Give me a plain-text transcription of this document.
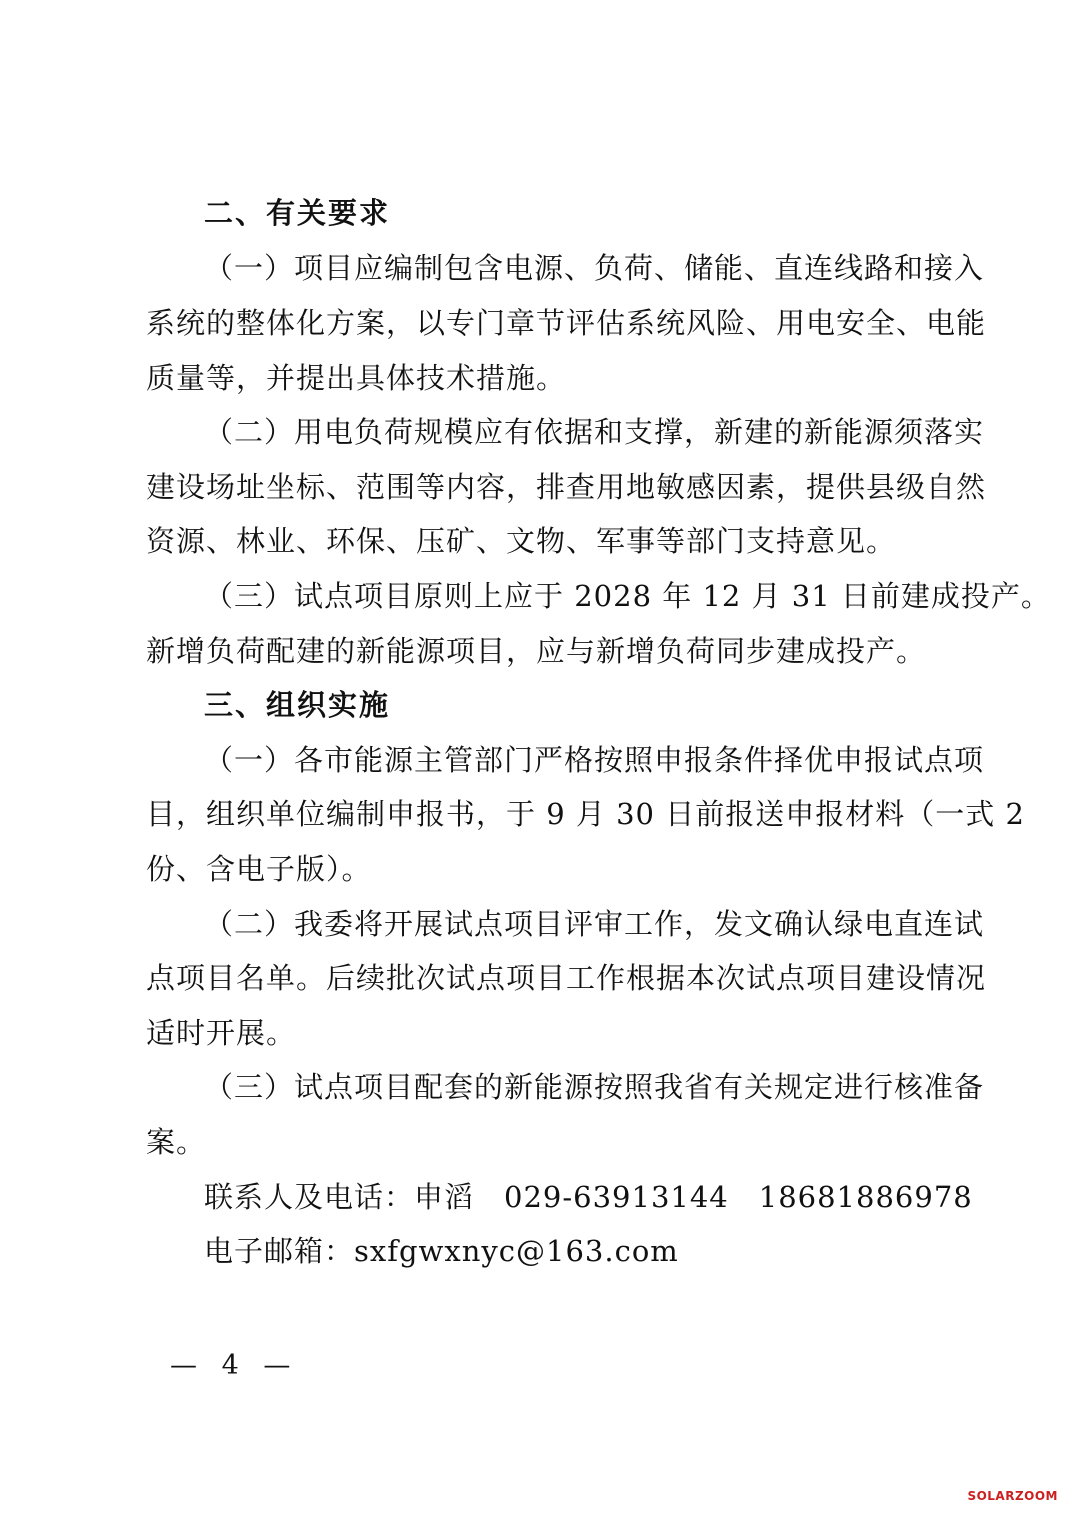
二、有关要求
（一）项目应编制包含电源、负荷、储能、直连线路和接入
系统的整体化方案，以专门章节评估系统风险、用电安全、电能
质量等，并提出具体技术措施。
（二）用电负荷规模应有依据和支撑，新建的新能源须落实
建设场址坐标、范围等内容，排查用地敏感因素，提供县级自然
资源、林业、环保、压矿、文物、军事等部门支持意见。
（三）试点项目原则上应于 2028 年 12 月 31 日前建成投产。
新增负荷配建的新能源项目，应与新增负荷同步建成投产。
三、组织实施
（一）各市能源主管部门严格按照申报条件择优申报试点项
目，组织单位编制申报书，于 9 月 30 日前报送申报材料（一式 2
份、含电子版）。
（二）我委将开展试点项目评审工作，发文确认绿电直连试
点项目名单。后续批次试点项目工作根据本次试点项目建设情况
适时开展。
（三）试点项目配套的新能源按照我省有关规定进行核准备
案。
联系人及电话：申滔　029-63913144　18681886978
电子邮箱：sxfgwxnyc@163.com
— 4 —
SOLARZOOM
